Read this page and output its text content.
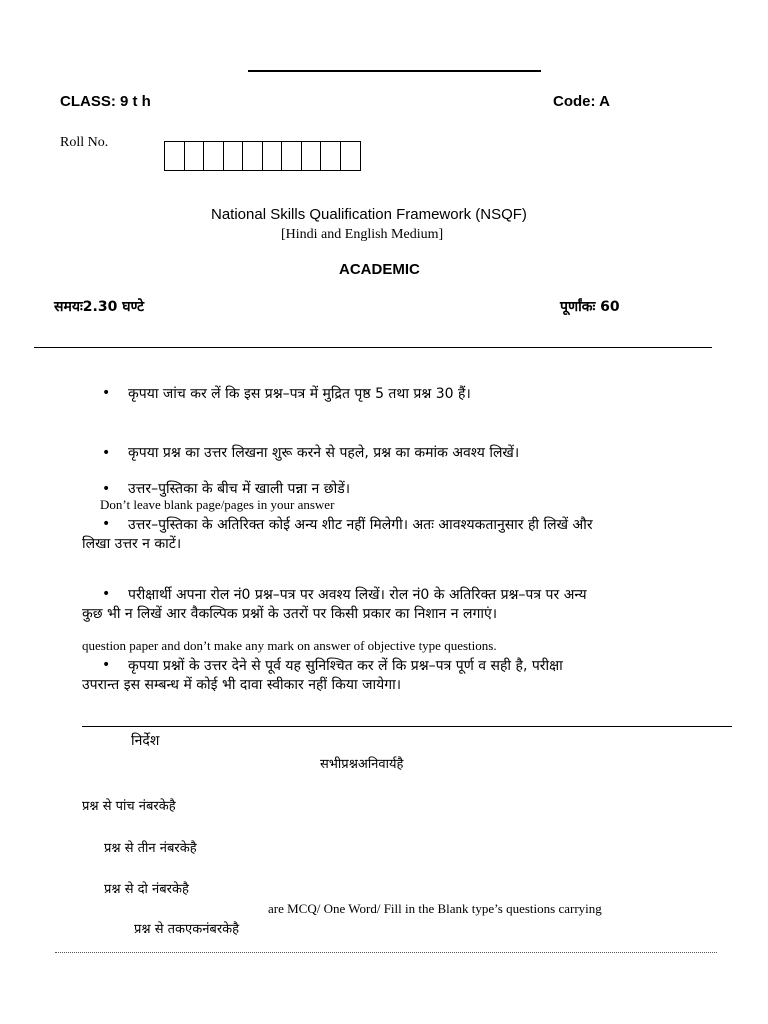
CLASS: 9 t h	Code: A
Roll No.
National Skills Qualification Framework (NSQF)
[Hindi and English Medium]
ACADEMIC
समयः2.30 घण्टे	पूर्णांकः 60
• कृपया जांच कर लें कि इस प्रश्न–पत्र में मुद्रित पृष्ठ 5 तथा प्रश्न 30 हैं।
• कृपया प्रश्न का उत्तर लिखना शुरू करने से पहले, प्रश्न का कमांक अवश्य लिखें।
• उत्तर–पुस्तिका के बीच में खाली पन्ना न छोडें।
Don’t leave blank page/pages in your answer
• उत्तर–पुस्तिका के अतिरिक्त कोई अन्य शीट नहीं मिलेगी। अतः आवश्यकतानुसार ही लिखें और
लिखा उत्तर न काटें।
• परीक्षार्थी अपना रोल नं0 प्रश्न–पत्र पर अवश्य लिखें। रोल नं0 के अतिरिक्त प्रश्न–पत्र पर अन्य
कुछ भी न लिखें आर वैकल्पिक प्रश्नों के उतरों पर किसी प्रकार का निशान न लगाएं।
question paper and don’t make any mark on answer of objective type questions.
• कृपया प्रश्नों के उत्तर देने से पूर्व यह सुनिश्चित कर लें कि प्रश्न–पत्र पूर्ण व सही है, परीक्षा
उपरान्त इस सम्बन्ध में कोई भी दावा स्वीकार नहीं किया जायेगा।
निर्देश
सभीप्रश्नअनिवार्यहै
प्रश्न से पांच नंबरकेहै
प्रश्न से तीन नंबरकेहै
प्रश्न से दो नंबरकेहै
are MCQ/ One Word/ Fill in the Blank type’s questions carrying
प्रश्न से तकएकनंबरकेहै
